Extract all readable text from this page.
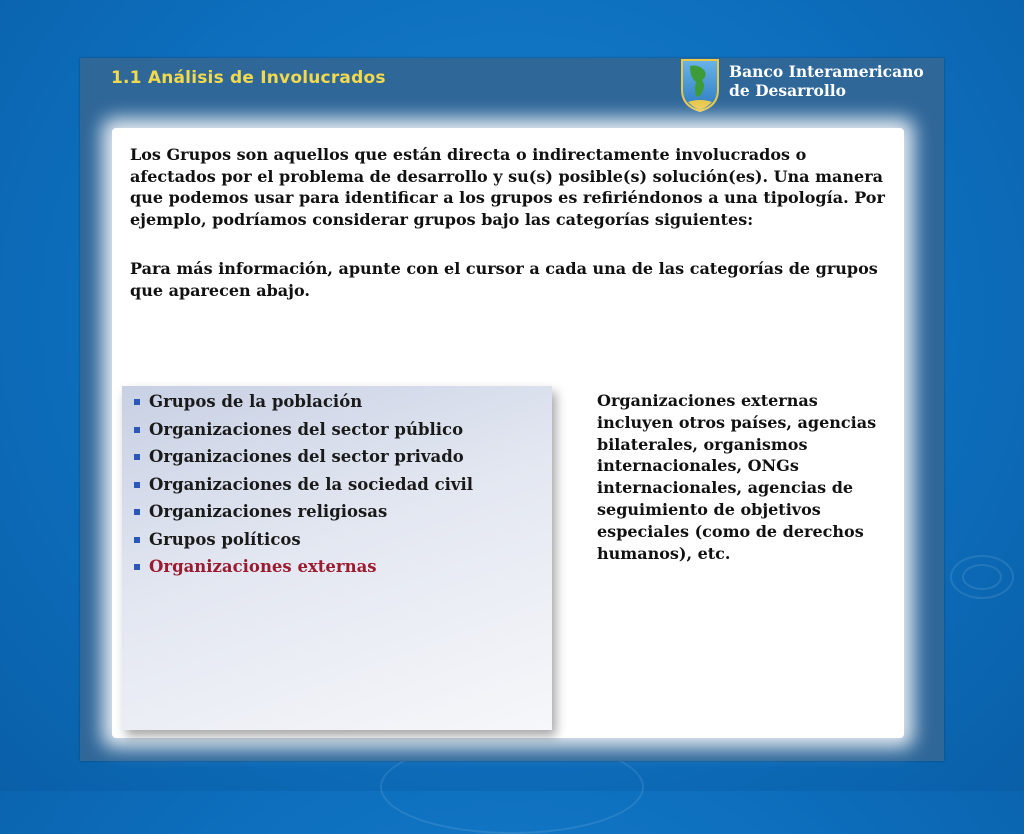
1.1 Análisis de Involucrados	Banco Interamericano
de Desarrollo
Los Grupos son aquellos que están directa o indirectamente involucrados o afectados por el problema de desarrollo y su(s) posible(s) solución(es). Una manera que podemos usar para identificar a los grupos es refiriéndonos a una tipología. Por ejemplo, podríamos considerar grupos bajo las categorías siguientes:
Para más información, apunte con el cursor a cada una de las categorías de grupos que aparecen abajo.
Grupos de la población
Organizaciones del sector público
Organizaciones del sector privado
Organizaciones de la sociedad civil
Organizaciones religiosas
Grupos políticos
Organizaciones externas
Organizaciones externas incluyen otros países, agencias bilaterales, organismos internacionales, ONGs internacionales, agencias de seguimiento de objetivos especiales (como de derechos humanos), etc.
